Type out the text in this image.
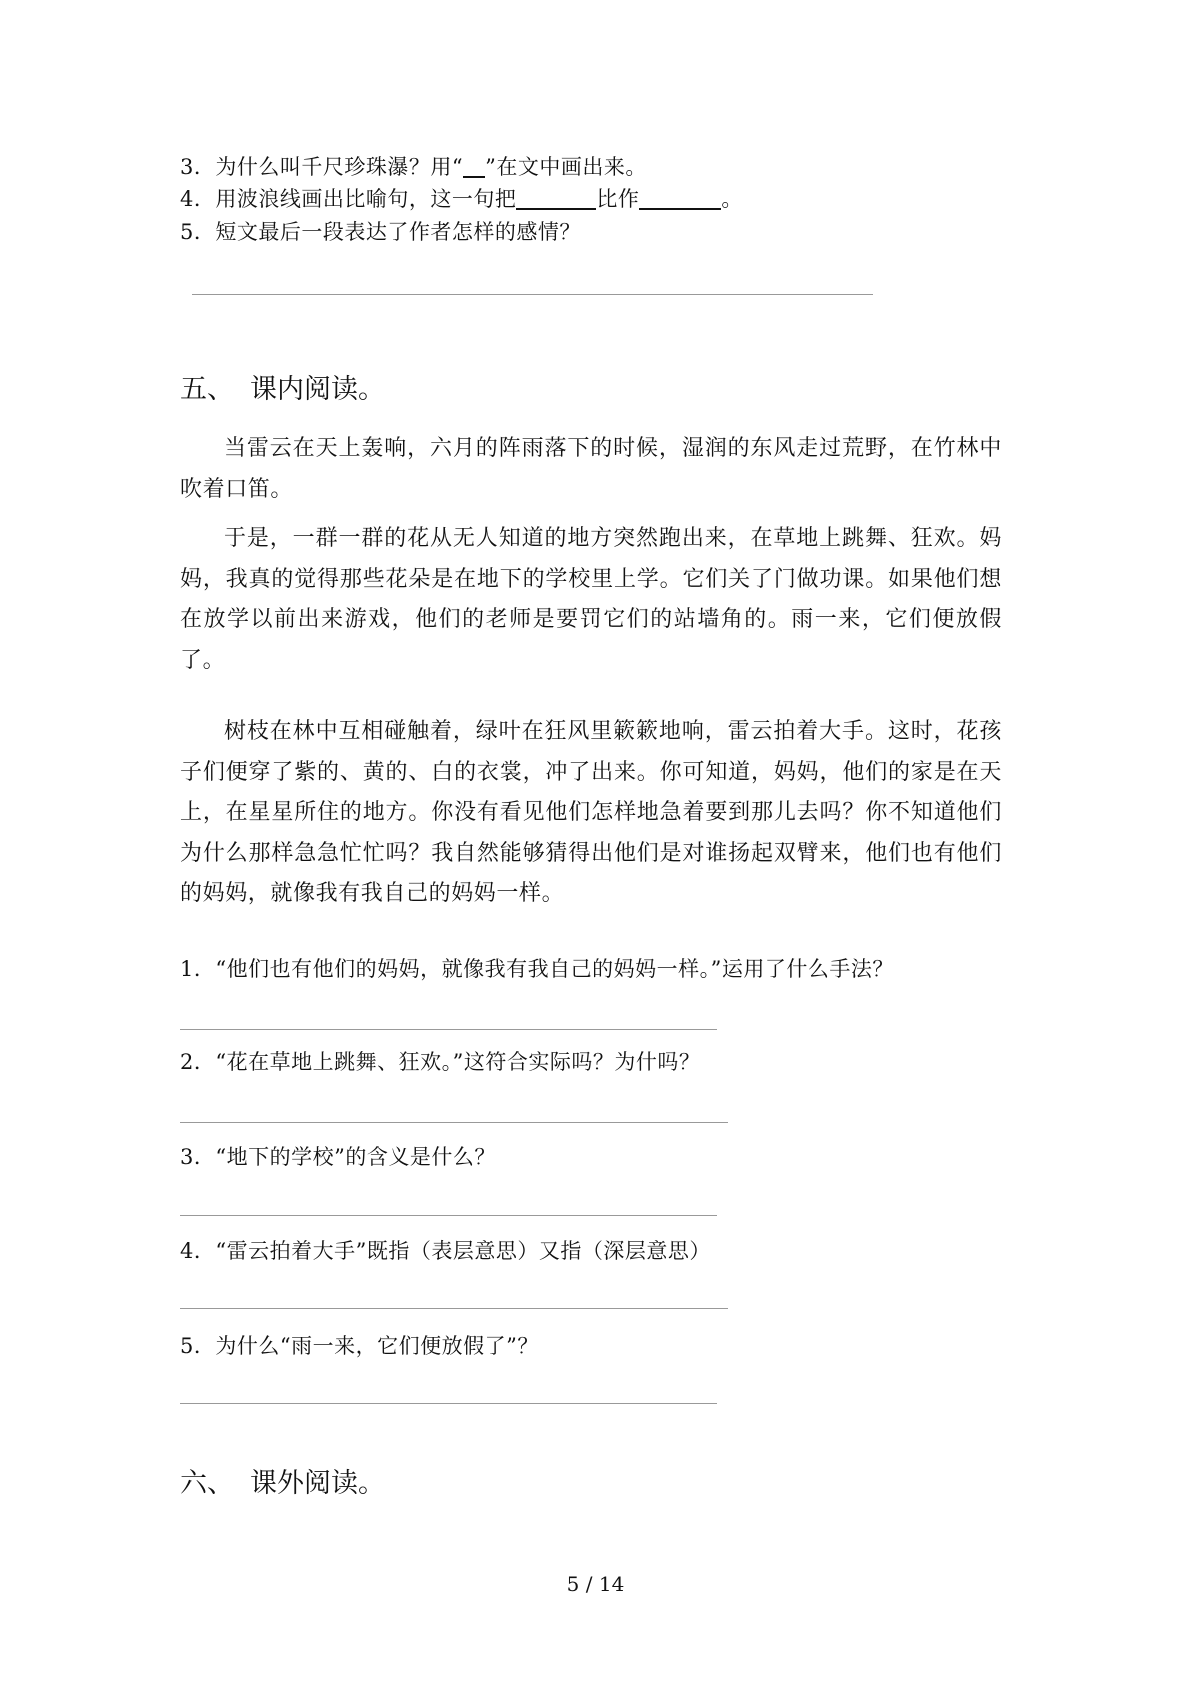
3．为什么叫千尺珍珠瀑？用“ ”在文中画出来。
4．用波浪线画出比喻句，这一句把	比作	。
5．短文最后一段表达了作者怎样的感情？
五、 课内阅读。
当雷云在天上轰响，六月的阵雨落下的时候，湿润的东风走过荒野，在竹林中吹着口笛。
于是，一群一群的花从无人知道的地方突然跑出来，在草地上跳舞、狂欢。妈妈，我真的觉得那些花朵是在地下的学校里上学。它们关了门做功课。如果他们想在放学以前出来游戏，他们的老师是要罚它们的站墙角的。雨一来，它们便放假了。
树枝在林中互相碰触着，绿叶在狂风里簌簌地响，雷云拍着大手。这时，花孩子们便穿了紫的、黄的、白的衣裳，冲了出来。你可知道，妈妈，他们的家是在天上，在星星所住的地方。你没有看见他们怎样地急着要到那儿去吗？你不知道他们为什么那样急急忙忙吗？我自然能够猜得出他们是对谁扬起双臂来，他们也有他们的妈妈，就像我有我自己的妈妈一样。
1．“他们也有他们的妈妈，就像我有我自己的妈妈一样。”运用了什么手法？
2．“花在草地上跳舞、狂欢。”这符合实际吗？为什吗？
3．“地下的学校”的含义是什么？
4．“雷云拍着大手”既指（表层意思）又指（深层意思）
5．为什么“雨一来，它们便放假了”？
六、 课外阅读。
5 / 14
